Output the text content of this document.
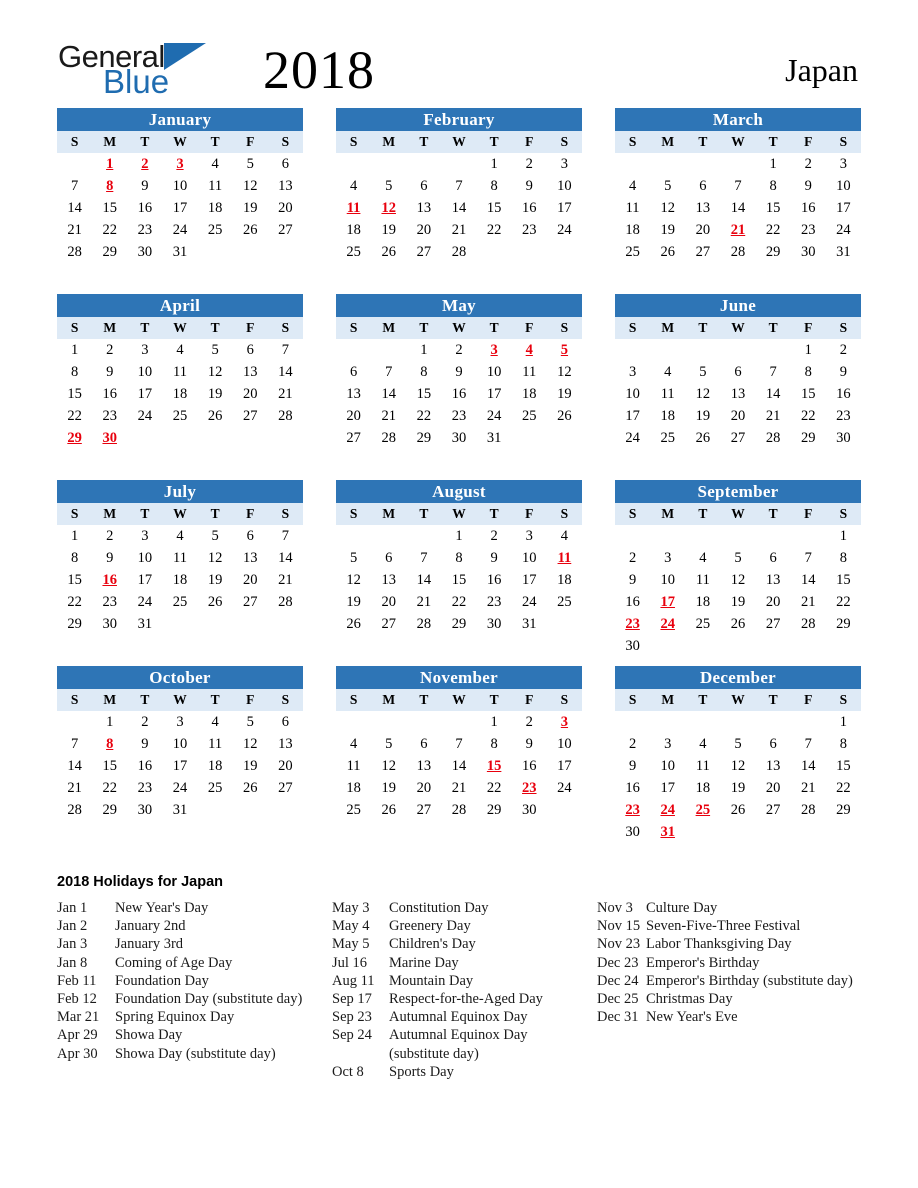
General
Blue 2018	Japan
January
S	M	T	W	T	F	S
	1	2	3	4	5	6
7	8	9	10	11	12	13
14	15	16	17	18	19	20
21	22	23	24	25	26	27
28	29	30	31			

February
S	M	T	W	T	F	S
				1	2	3
4	5	6	7	8	9	10
11	12	13	14	15	16	17
18	19	20	21	22	23	24
25	26	27	28			

March
S	M	T	W	T	F	S
				1	2	3
4	5	6	7	8	9	10
11	12	13	14	15	16	17
18	19	20	21	22	23	24
25	26	27	28	29	30	31

April
S	M	T	W	T	F	S
1	2	3	4	5	6	7
8	9	10	11	12	13	14
15	16	17	18	19	20	21
22	23	24	25	26	27	28
29	30					

May
S	M	T	W	T	F	S
		1	2	3	4	5
6	7	8	9	10	11	12
13	14	15	16	17	18	19
20	21	22	23	24	25	26
27	28	29	30	31		

June
S	M	T	W	T	F	S
					1	2
3	4	5	6	7	8	9
10	11	12	13	14	15	16
17	18	19	20	21	22	23
24	25	26	27	28	29	30

July
S	M	T	W	T	F	S
1	2	3	4	5	6	7
8	9	10	11	12	13	14
15	16	17	18	19	20	21
22	23	24	25	26	27	28
29	30	31				

August
S	M	T	W	T	F	S
			1	2	3	4
5	6	7	8	9	10	11
12	13	14	15	16	17	18
19	20	21	22	23	24	25
26	27	28	29	30	31	

September
S	M	T	W	T	F	S
						1
2	3	4	5	6	7	8
9	10	11	12	13	14	15
16	17	18	19	20	21	22
23	24	25	26	27	28	29
30						
October
S	M	T	W	T	F	S
	1	2	3	4	5	6
7	8	9	10	11	12	13
14	15	16	17	18	19	20
21	22	23	24	25	26	27
28	29	30	31			

November
S	M	T	W	T	F	S
				1	2	3
4	5	6	7	8	9	10
11	12	13	14	15	16	17
18	19	20	21	22	23	24
25	26	27	28	29	30	

December
S	M	T	W	T	F	S
						1
2	3	4	5	6	7	8
9	10	11	12	13	14	15
16	17	18	19	20	21	22
23	24	25	26	27	28	29
30	31					
2018 Holidays for Japan
Jan 1	New Year's Day
Jan 2	January 2nd
Jan 3	January 3rd
Jan 8	Coming of Age Day
Feb 11	Foundation Day
Feb 12	Foundation Day (substitute day)
Mar 21	Spring Equinox Day
Apr 29	Showa Day
Apr 30	Showa Day (substitute day)
May 3	Constitution Day
May 4	Greenery Day
May 5	Children's Day
Jul 16	Marine Day
Aug 11 Mountain Day
Sep 17	Respect-for-the-Aged Day
Sep 23	Autumnal Equinox Day
Sep 24	Autumnal Equinox Day (substitute day)
Oct 8	Sports Day
Nov 3 Culture Day
Nov 15 Seven-Five-Three Festival
Nov 23 Labor Thanksgiving Day
Dec 23 Emperor's Birthday
Dec 24 Emperor's Birthday (substitute day)
Dec 25 Christmas Day
Dec 31 New Year's Eve
